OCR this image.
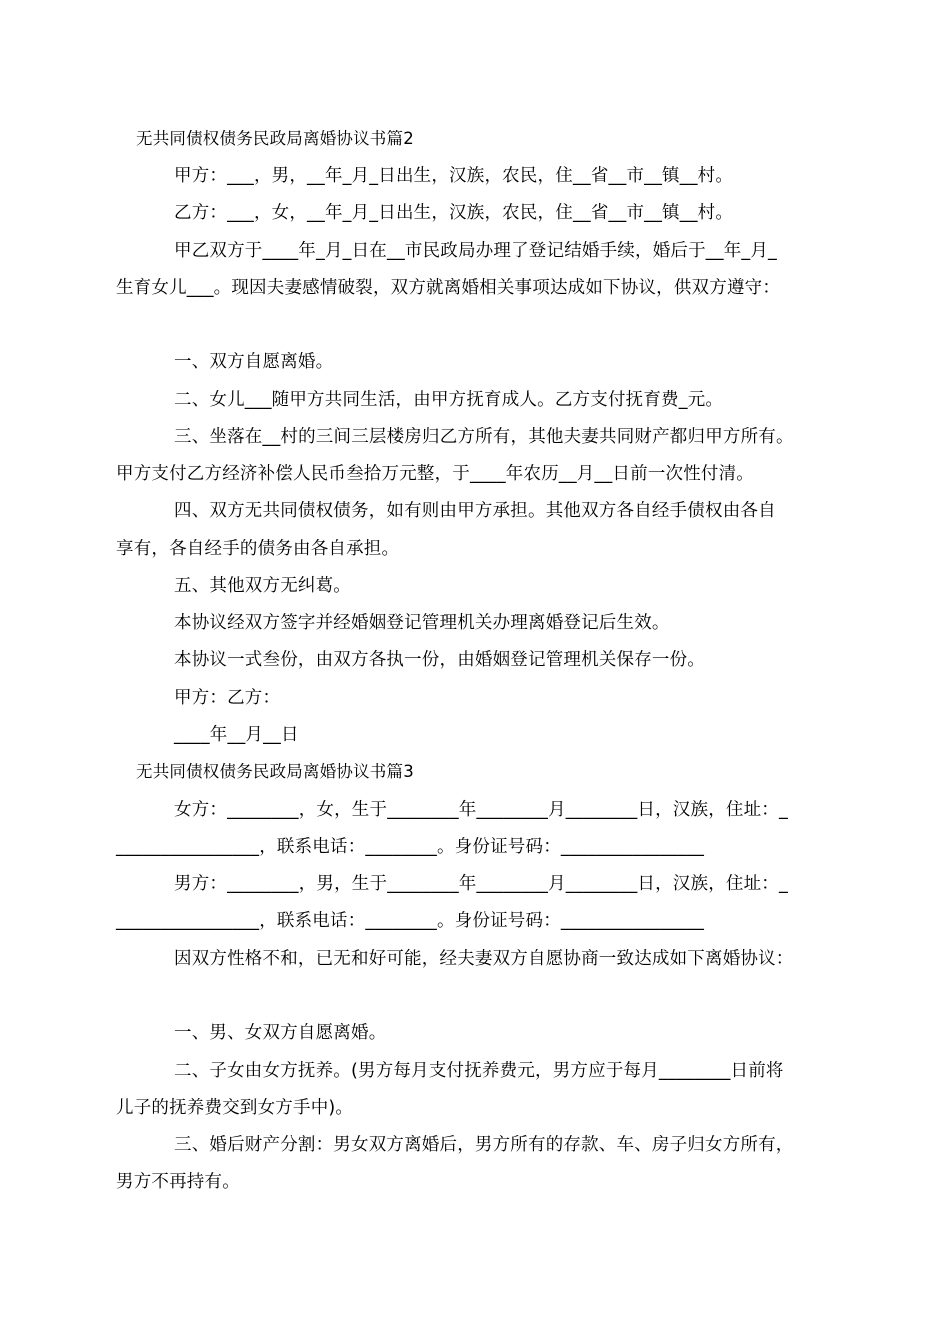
无共同债权债务民政局离婚协议书篇2
甲方：___，男，__年_月_日出生，汉族，农民，住__省__市__镇__村。
乙方：___，女，__年_月_日出生，汉族，农民，住__省__市__镇__村。
甲乙双方于____年_月_日在__市民政局办理了登记结婚手续，婚后于__年_月_
生育女儿___。现因夫妻感情破裂，双方就离婚相关事项达成如下协议，供双方遵守：
一、双方自愿离婚。
二、女儿___随甲方共同生活，由甲方抚育成人。乙方支付抚育费_元。
三、坐落在__村的三间三层楼房归乙方所有，其他夫妻共同财产都归甲方所有。
甲方支付乙方经济补偿人民币叁拾万元整，于____年农历__月__日前一次性付清。
四、双方无共同债权债务，如有则由甲方承担。其他双方各自经手债权由各自
享有，各自经手的债务由各自承担。
五、其他双方无纠葛。
本协议经双方签字并经婚姻登记管理机关办理离婚登记后生效。
本协议一式叁份，由双方各执一份，由婚姻登记管理机关保存一份。
甲方：乙方：
____年__月__日
无共同债权债务民政局离婚协议书篇3
女方：________，女，生于________年________月________日，汉族，住址：_
________________，联系电话：________。身份证号码：________________
男方：________，男，生于________年________月________日，汉族，住址：_
________________，联系电话：________。身份证号码：________________
因双方性格不和，已无和好可能，经夫妻双方自愿协商一致达成如下离婚协议：
一、男、女双方自愿离婚。
二、子女由女方抚养。(男方每月支付抚养费元，男方应于每月________日前将
儿子的抚养费交到女方手中)。
三、婚后财产分割：男女双方离婚后，男方所有的存款、车、房子归女方所有，
男方不再持有。
